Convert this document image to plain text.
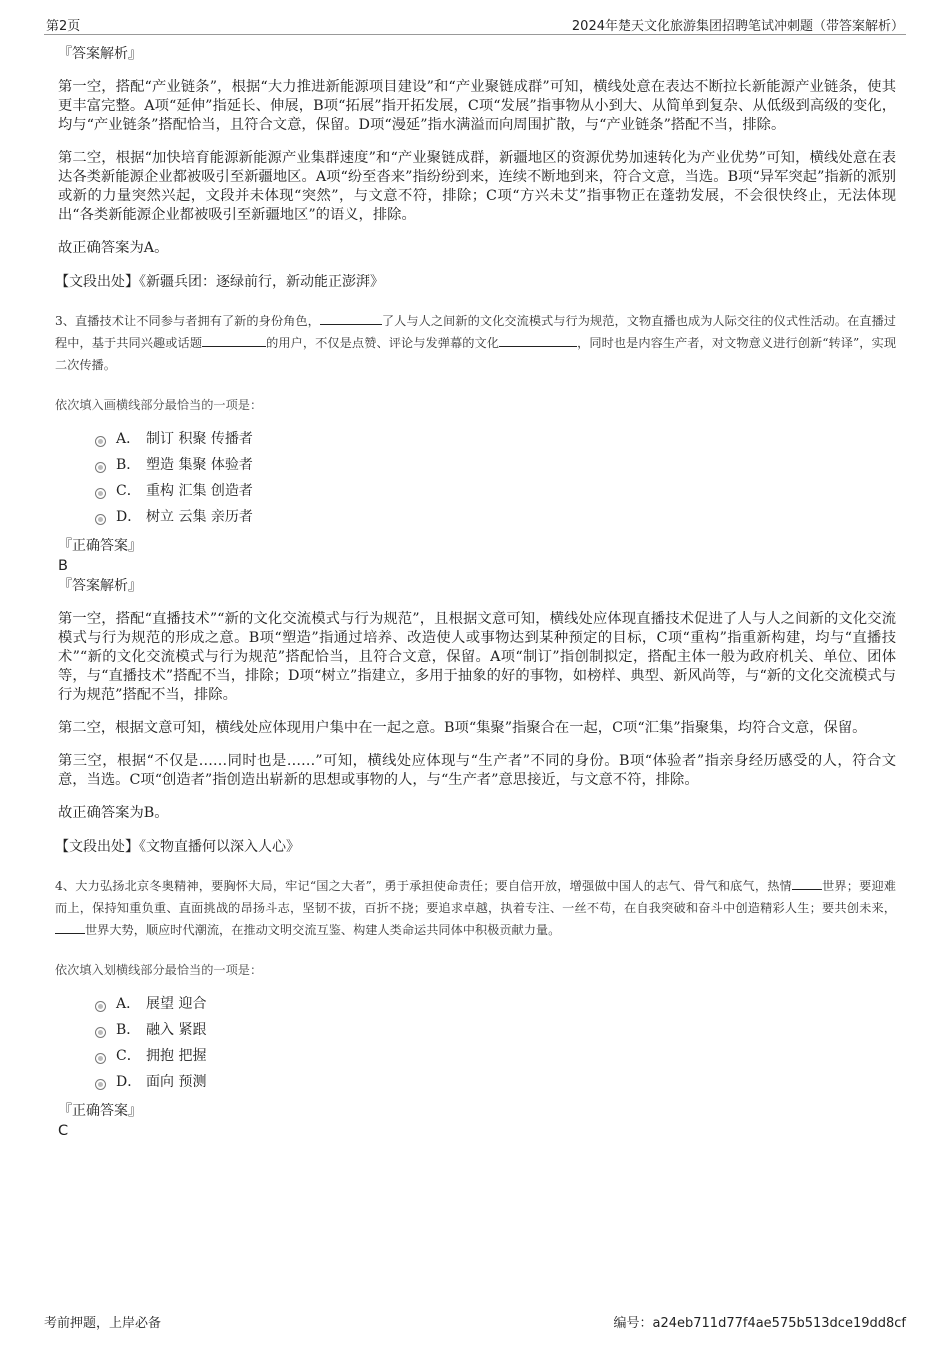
第2页	2024年楚天文化旅游集团招聘笔试冲刺题（带答案解析）
『答案解析』

第一空，搭配“产业链条”，根据“大力推进新能源项目建设”和“产业聚链成群”可知，横线处意在表达不断拉长新能源产业链条，使其更丰富完整。A项“延伸”指延长、伸展，B项“拓展”指开拓发展，C项“发展”指事物从小到大、从简单到复杂、从低级到高级的变化，均与“产业链条”搭配恰当，且符合文意，保留。D项“漫延”指水满溢而向周围扩散，与“产业链条”搭配不当，排除。

第二空，根据“加快培育能源新能源产业集群速度”和“产业聚链成群，新疆地区的资源优势加速转化为产业优势”可知，横线处意在表达各类新能源企业都被吸引至新疆地区。A项“纷至沓来”指纷纷到来，连续不断地到来，符合文意，当选。B项“异军突起”指新的派别或新的力量突然兴起，文段并未体现“突然”，与文意不符，排除；C项“方兴未艾”指事物正在蓬勃发展，不会很快终止，无法体现出“各类新能源企业都被吸引至新疆地区”的语义，排除。

故正确答案为A。

【文段出处】《新疆兵团：逐绿前行，新动能正澎湃》
3、直播技术让不同参与者拥有了新的身份角色，	了人与人之间新的文化交流模式与行为规范，文物直播也成为人际交往的仪式性活动。在直播过程中，基于共同兴趣或话题	的用户，不仅是点赞、评论与发弹幕的文化	，同时也是内容生产者，对文物意义进行创新“转译”，实现二次传播。
依次填入画横线部分最恰当的一项是：
A． 制订 积聚 传播者
B． 塑造 集聚 体验者
C． 重构 汇集 创造者
D． 树立 云集 亲历者
『正确答案』
B
『答案解析』

第一空，搭配“直播技术”“新的文化交流模式与行为规范”，且根据文意可知，横线处应体现直播技术促进了人与人之间新的文化交流模式与行为规范的形成之意。B项“塑造”指通过培养、改造使人或事物达到某种预定的目标，C项“重构”指重新构建，均与“直播技术”“新的文化交流模式与行为规范”搭配恰当，且符合文意，保留。A项“制订”指创制拟定，搭配主体一般为政府机关、单位、团体等，与“直播技术”搭配不当，排除；D项“树立”指建立，多用于抽象的好的事物，如榜样、典型、新风尚等，与“新的文化交流模式与行为规范”搭配不当，排除。

第二空，根据文意可知，横线处应体现用户集中在一起之意。B项“集聚”指聚合在一起，C项“汇集”指聚集，均符合文意，保留。

第三空，根据“不仅是……同时也是……”可知，横线处应体现与“生产者”不同的身份。B项“体验者”指亲身经历感受的人，符合文意，当选。C项“创造者”指创造出崭新的思想或事物的人，与“生产者”意思接近，与文意不符，排除。

故正确答案为B。

【文段出处】《文物直播何以深入人心》
4、大力弘扬北京冬奥精神，要胸怀大局，牢记“国之大者”，勇于承担使命责任；要自信开放，增强做中国人的志气、骨气和底气，热情 世界；要迎难而上，保持知重负重、直面挑战的昂扬斗志，坚韧不拔，百折不挠；要追求卓越，执着专注、一丝不苟，在自我突破和奋斗中创造精彩人生；要共创未来，世界大势，顺应时代潮流，在推动文明交流互鉴、构建人类命运共同体中积极贡献力量。
依次填入划横线部分最恰当的一项是：
A． 展望 迎合
B． 融入 紧跟
C． 拥抱 把握
D． 面向 预测
『正确答案』
C
考前押题，上岸必备	编号：a24eb711d77f4ae575b513dce19dd8cf
